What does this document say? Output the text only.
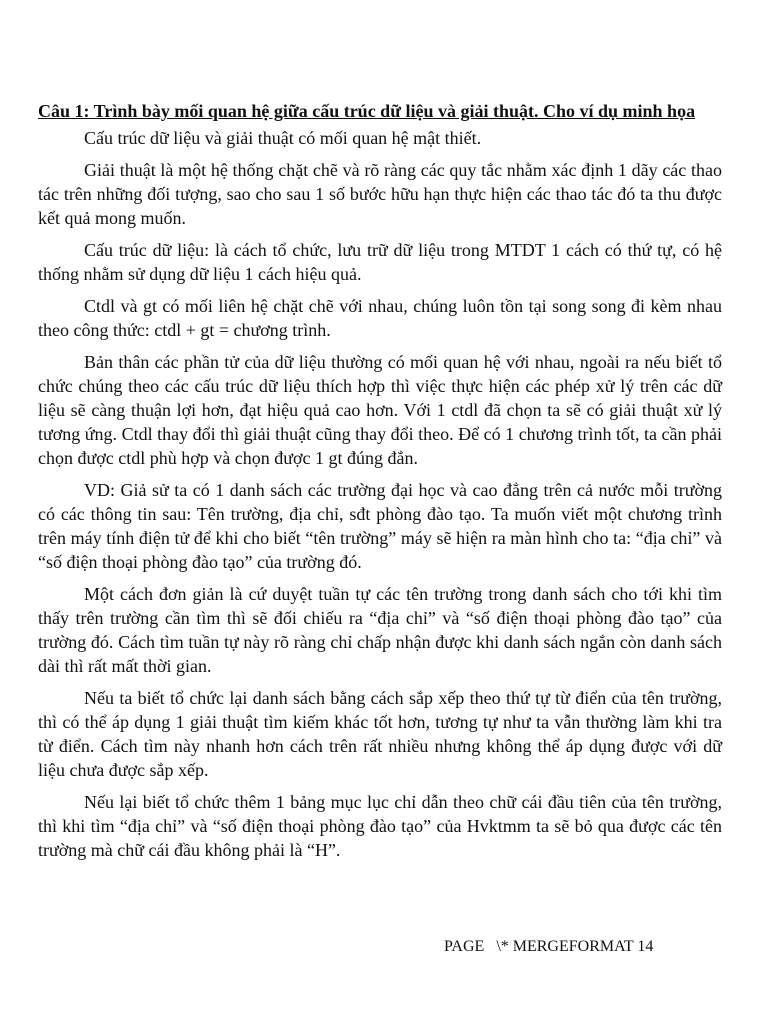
Câu 1: Trình bày mối quan hệ giữa cấu trúc dữ liệu và giải thuật. Cho ví dụ minh họa

Cấu trúc dữ liệu và giải thuật có mối quan hệ mật thiết.

Giải thuật là một hệ thống chặt chẽ và rõ ràng các quy tắc nhằm xác định 1 dãy các thao tác trên những đối tượng, sao cho sau 1 số bước hữu hạn thực hiện các thao tác đó ta thu được kết quả mong muốn.

Cấu trúc dữ liệu: là cách tổ chức, lưu trữ dữ liệu trong MTDT 1 cách có thứ tự, có hệ thống nhằm sử dụng dữ liệu 1 cách hiệu quả.

Ctdl và gt có mối liên hệ chặt chẽ với nhau, chúng luôn tồn tại song song đi kèm nhau theo công thức: ctdl + gt = chương trình.

Bản thân các phần tử của dữ liệu thường có mối quan hệ với nhau, ngoài ra nếu biết tổ chức chúng theo các cấu trúc dữ liệu thích hợp thì việc thực hiện các phép xử lý trên các dữ liệu sẽ càng thuận lợi hơn, đạt hiệu quả cao hơn. Với 1 ctdl đã chọn ta sẽ có giải thuật xử lý tương ứng. Ctdl thay đổi thì giải thuật cũng thay đổi theo. Để có 1 chương trình tốt, ta cần phải chọn được ctdl phù hợp và chọn được 1 gt đúng đắn.

VD: Giả sử ta có 1 danh sách các trường đại học và cao đẳng trên cả nước mỗi trường có các thông tin sau: Tên trường, địa chỉ, sđt phòng đào tạo. Ta muốn viết một chương trình trên máy tính điện tử để khi cho biết “tên trường” máy sẽ hiện ra màn hình cho ta: “địa chỉ” và “số điện thoại phòng đào tạo” của trường đó.

Một cách đơn giản là cứ duyệt tuần tự các tên trường trong danh sách cho tới khi tìm thấy trên trường cần tìm thì sẽ đối chiếu ra “địa chỉ” và “số điện thoại phòng đào tạo” của trường đó. Cách tìm tuần tự này rõ ràng chỉ chấp nhận được khi danh sách ngắn còn danh sách dài thì rất mất thời gian.

Nếu ta biết tổ chức lại danh sách bằng cách sắp xếp theo thứ tự từ điển của tên trường, thì có thể áp dụng 1 giải thuật tìm kiếm khác tốt hơn, tương tự như ta vẫn thường làm khi tra từ điển. Cách tìm này nhanh hơn cách trên rất nhiều nhưng không thể áp dụng được với dữ liệu chưa được sắp xếp.

Nếu lại biết tổ chức thêm 1 bảng mục lục chỉ dẫn theo chữ cái đầu tiên của tên trường, thì khi tìm “địa chỉ” và “số điện thoại phòng đào tạo” của Hvktmm ta sẽ bỏ qua được các tên trường mà chữ cái đầu không phải là “H”.

PAGE   \* MERGEFORMAT 14
